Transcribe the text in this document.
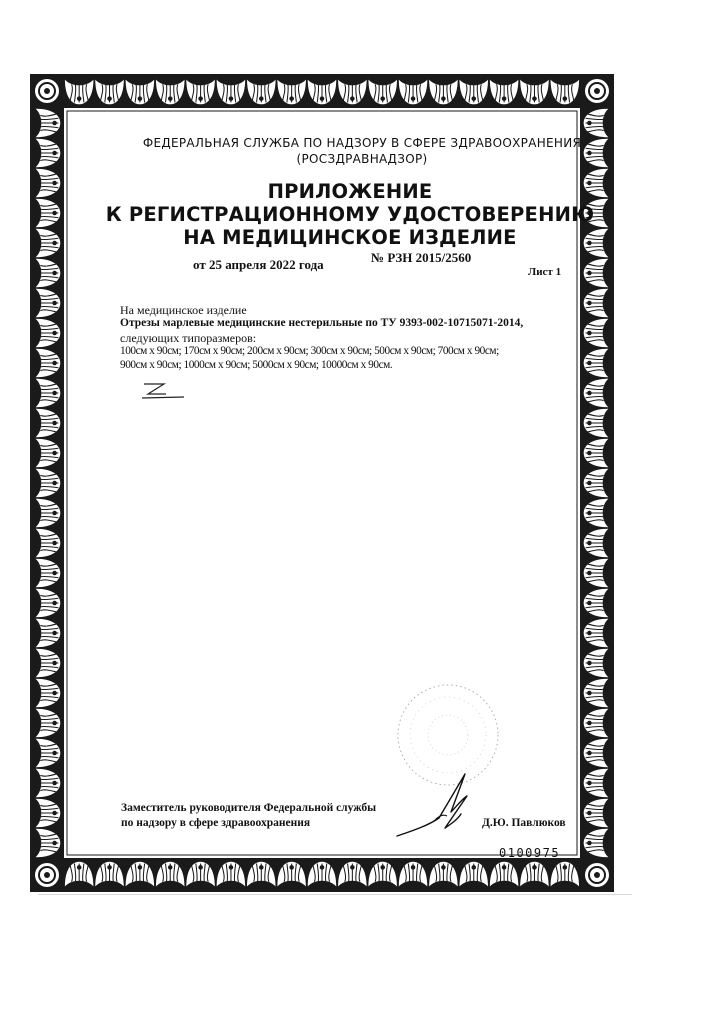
ФЕДЕРАЛЬНАЯ СЛУЖБА ПО НАДЗОРУ В СФЕРЕ ЗДРАВООХРАНЕНИЯ
(РОСЗДРАВНАДЗОР)
ПРИЛОЖЕНИЕ
К РЕГИСТРАЦИОННОМУ УДОСТОВЕРЕНИЮ
НА МЕДИЦИНСКОЕ ИЗДЕЛИЕ
от 25 апреля 2022 года	№ РЗН 2015/2560
Лист 1
На медицинское изделие
Отрезы марлевые медицинские нестерильные по ТУ 9393-002-10715071-2014,
следующих типоразмеров:
100см x 90см; 170см x 90см; 200см x 90см; 300см x 90см; 500см x 90см; 700см x 90см;
900см x 90см; 1000см x 90см; 5000см x 90см; 10000см x 90см.
Заместитель руководителя Федеральной службы
по надзору в сфере здравоохранения	Д.Ю. Павлюков
0100975
